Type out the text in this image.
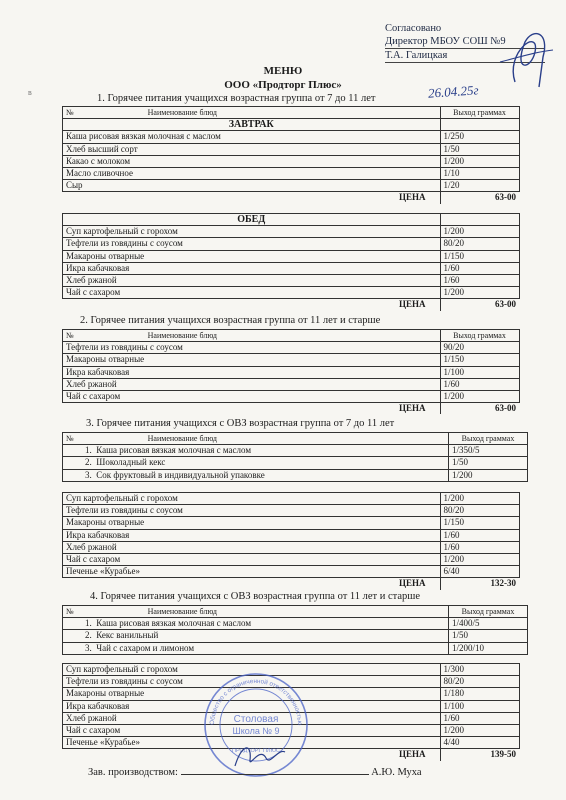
Согласовано
Директор МБОУ СОШ №9
Т.А. Галицкая
26.04.25г
в
МЕНЮ
ООО «Продторг Плюс»
1. Горячее питания учащихся возрастная группа от 7 до 11 лет
№ Наименование блюд	Выход граммах
ЗАВТРАК	
Каша рисовая вязкая молочная с маслом	1/250
Хлеб высший сорт	1/50
Какао с молоком	1/200
Масло сливочное	1/10
Сыр	1/20
ЦЕНА	63-00
ОБЕД	
Суп картофельный с горохом	1/200
Тефтели из говядины с соусом	80/20
Макароны отварные	1/150
Икра кабачковая	1/60
Хлеб ржаной	1/60
Чай с сахаром	1/200
ЦЕНА	63-00
2. Горячее питания учащихся возрастная группа от 11 лет и старше
№ Наименование блюд	Выход граммах
Тефтели из говядины с соусом	90/20
Макароны отварные	1/150
Икра кабачковая	1/100
Хлеб ржаной	1/60
Чай с сахаром	1/200
ЦЕНА	63-00
3. Горячее питания учащихся с ОВЗ возрастная группа от 7 до 11 лет
№ Наименование блюд	Выход граммах
1. Каша рисовая вязкая молочная с маслом	1/350/5
2. Шоколадный кекс	1/50
3. Сок фруктовый в индивидуальной упаковке	1/200
Суп картофельный с горохом	1/200
Тефтели из говядины с соусом	80/20
Макароны отварные	1/150
Икра кабачковая	1/60
Хлеб ржаной	1/60
Чай с сахаром	1/200
Печенье «Курабье»	6/40
ЦЕНА	132-30
4. Горячее питания учащихся с ОВЗ возрастная группа от 11 лет и старше
№ Наименование блюд	Выход граммах
1. Каша рисовая вязкая молочная с маслом	1/400/5
2. Кекс ванильный	1/50
3. Чай с сахаром и лимоном	1/200/10
Суп картофельный с горохом	1/300
Тефтели из говядины с соусом	80/20
Макароны отварные	1/180
Икра кабачковая	1/100
Хлеб ржаной	1/60
Чай с сахаром	1/200
Печенье «Курабье»	4/40
ЦЕНА	139-50
Общество с ограниченной ответственностью
Столовая
Школа № 9
ПРОДТОРГ ПЛЮС
Зав. производством:	А.Ю. Муха
